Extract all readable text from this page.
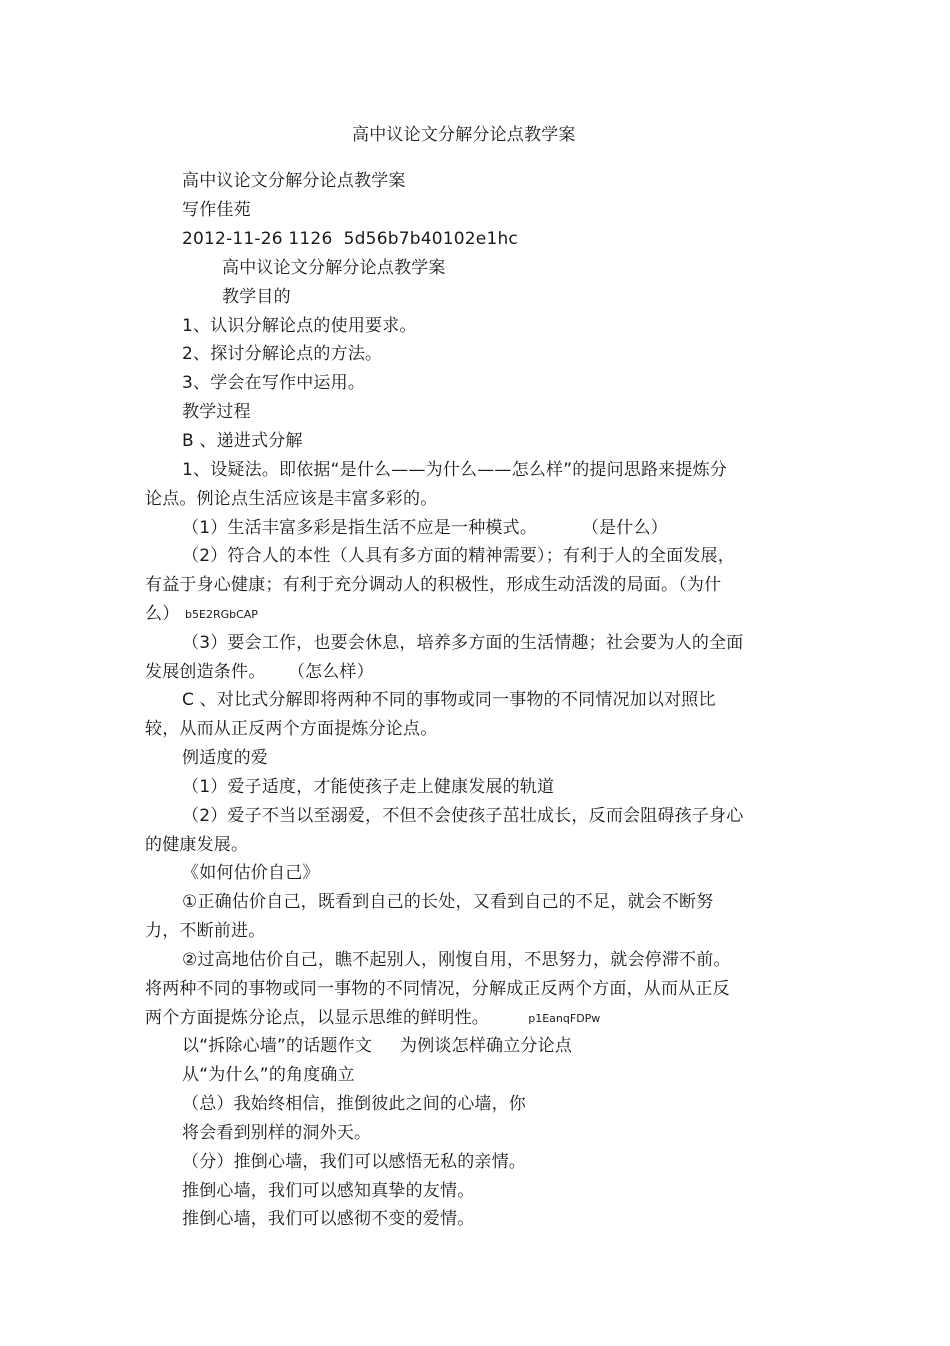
高中议论文分解分论点教学案
高中议论文分解分论点教学案
写作佳苑
2012-11-26 1126  5d56b7b40102e1hc
高中议论文分解分论点教学案
教学目的
1、认识分解论点的使用要求。
2、探讨分解论点的方法。
3、学会在写作中运用。
教学过程
B 、递进式分解
1、设疑法。即依据“是什么——为什么——怎么样”的提问思路来提炼分
论点。例论点生活应该是丰富多彩的。
（1）生活丰富多彩是指生活不应是一种模式。        （是什么）
（2）符合人的本性（人具有多方面的精神需要）；有利于人的全面发展，
有益于身心健康；有利于充分调动人的积极性，形成生动活泼的局面。（为什
么） b5E2RGbCAP
（3）要会工作，也要会休息，培养多方面的生活情趣；社会要为人的全面
发展创造条件。    （怎么样）
C 、对比式分解即将两种不同的事物或同一事物的不同情况加以对照比
较，从而从正反两个方面提炼分论点。
例适度的爱
（1）爱子适度，才能使孩子走上健康发展的轨道
（2）爱子不当以至溺爱，不但不会使孩子茁壮成长，反而会阻碍孩子身心
的健康发展。
《如何估价自己》
①正确估价自己，既看到自己的长处，又看到自己的不足，就会不断努
力，不断前进。
②过高地估价自己，瞧不起别人，刚愎自用，不思努力，就会停滞不前。
将两种不同的事物或同一事物的不同情况，分解成正反两个方面，从而从正反
两个方面提炼分论点，以显示思维的鲜明性。	p1EanqFDPw
以“拆除心墙”的话题作文     为例谈怎样确立分论点
从“为什么”的角度确立
（总）我始终相信，推倒彼此之间的心墙，你
将会看到别样的洞外天。
（分）推倒心墙，我们可以感悟无私的亲情。
推倒心墙，我们可以感知真挚的友情。
推倒心墙，我们可以感彻不变的爱情。
